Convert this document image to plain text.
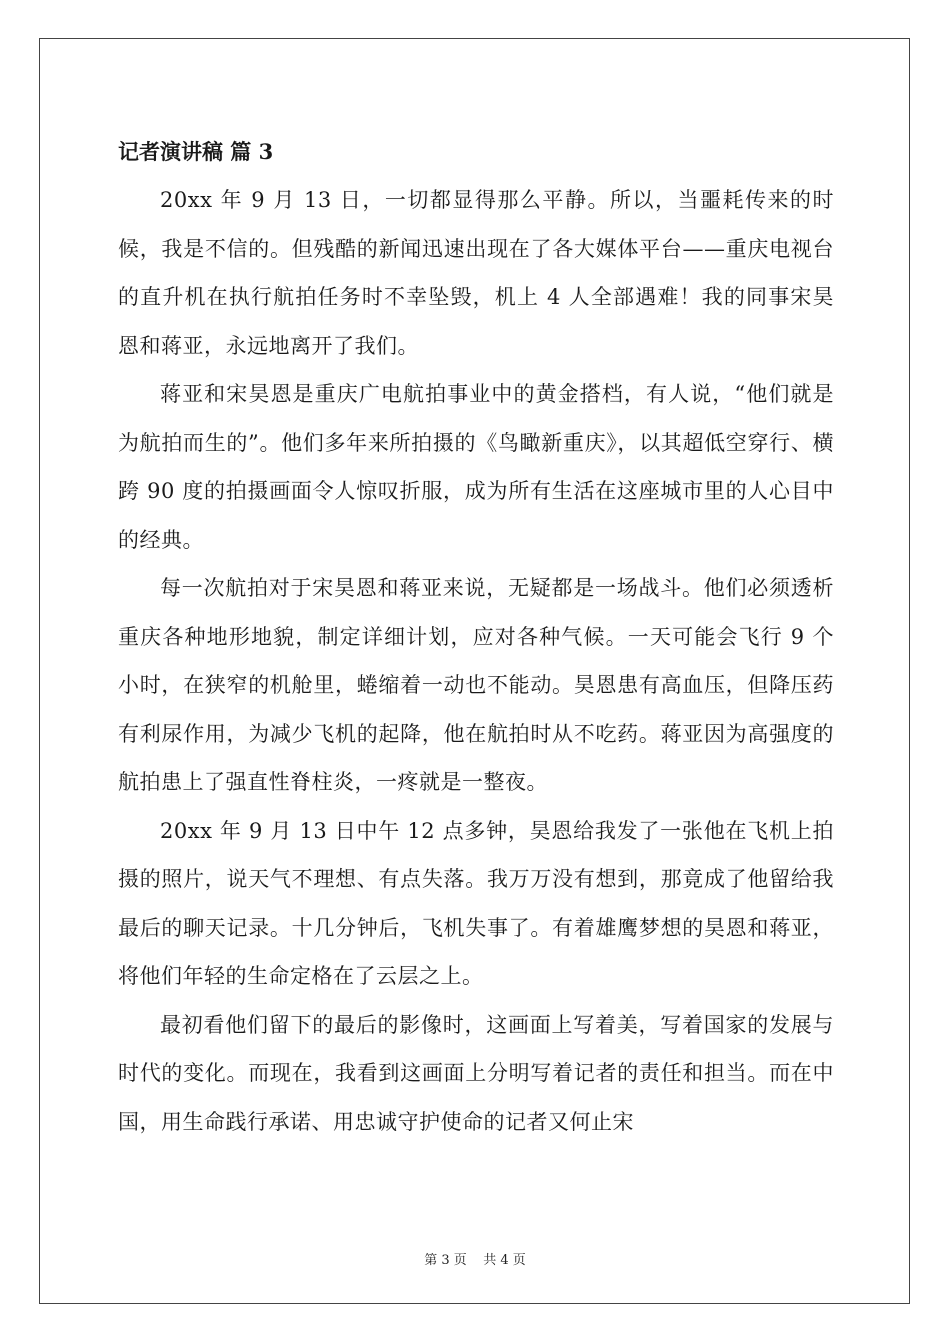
记者演讲稿 篇 3

20xx 年 9 月 13 日，一切都显得那么平静。所以，当噩耗传来的时候，我是不信的。但残酷的新闻迅速出现在了各大媒体平台——重庆电视台的直升机在执行航拍任务时不幸坠毁，机上 4 人全部遇难！我的同事宋昊恩和蒋亚，永远地离开了我们。

蒋亚和宋昊恩是重庆广电航拍事业中的黄金搭档，有人说，“他们就是为航拍而生的”。他们多年来所拍摄的《鸟瞰新重庆》，以其超低空穿行、横跨 90 度的拍摄画面令人惊叹折服，成为所有生活在这座城市里的人心目中的经典。

每一次航拍对于宋昊恩和蒋亚来说，无疑都是一场战斗。他们必须透析重庆各种地形地貌，制定详细计划，应对各种气候。一天可能会飞行 9 个小时，在狭窄的机舱里，蜷缩着一动也不能动。昊恩患有高血压，但降压药有利尿作用，为减少飞机的起降，他在航拍时从不吃药。蒋亚因为高强度的航拍患上了强直性脊柱炎，一疼就是一整夜。

20xx 年 9 月 13 日中午 12 点多钟，昊恩给我发了一张他在飞机上拍摄的照片，说天气不理想、有点失落。我万万没有想到，那竟成了他留给我最后的聊天记录。十几分钟后，飞机失事了。有着雄鹰梦想的昊恩和蒋亚，将他们年轻的生命定格在了云层之上。

最初看他们留下的最后的影像时，这画面上写着美，写着国家的发展与时代的变化。而现在，我看到这画面上分明写着记者的责任和担当。而在中国，用生命践行承诺、用忠诚守护使命的记者又何止宋

第 3 页    共 4 页
